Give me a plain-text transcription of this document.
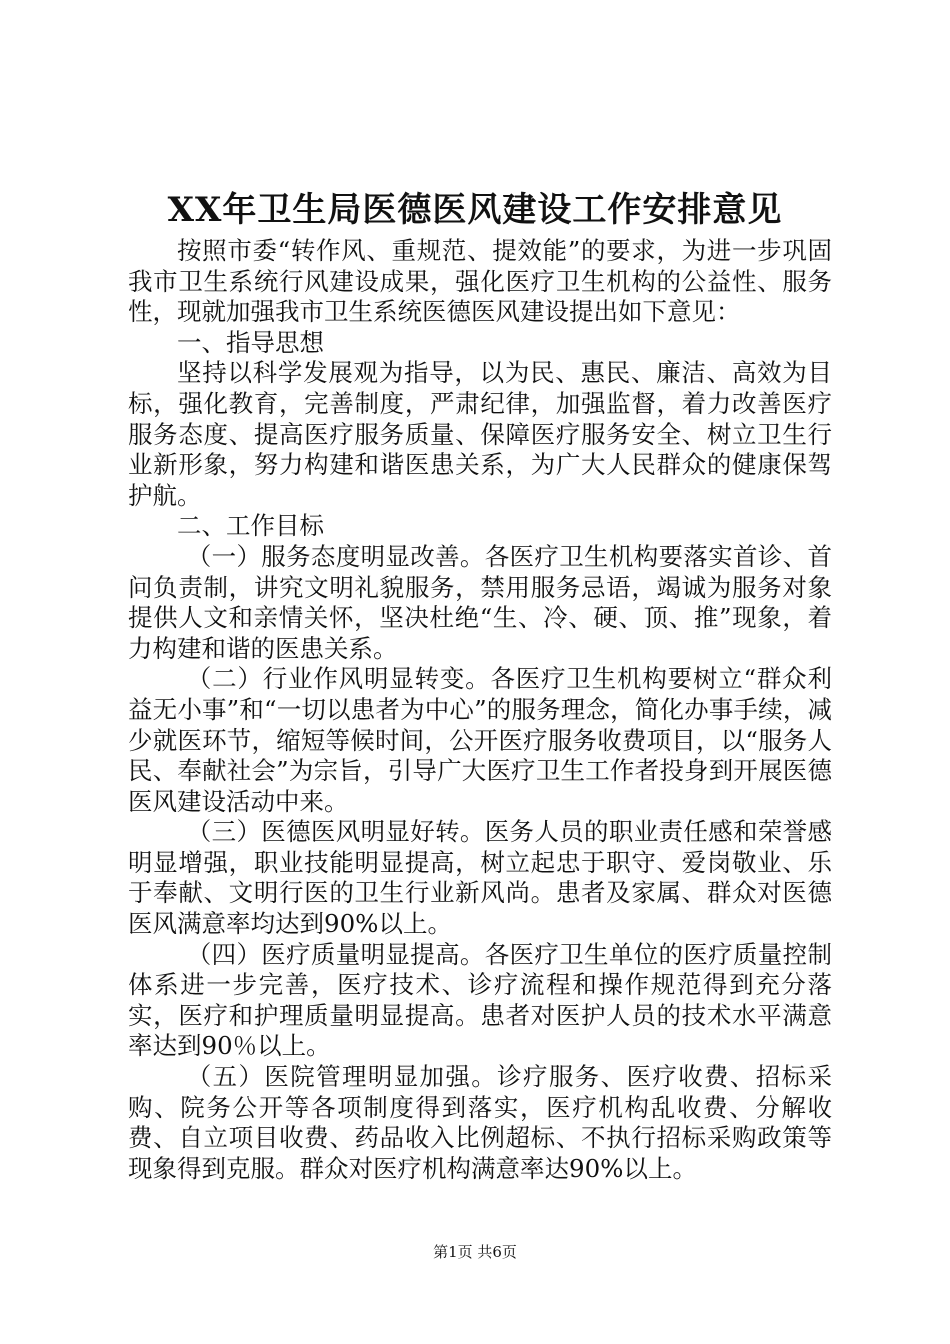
XX年卫生局医德医风建设工作安排意见

按照市委“转作风、重规范、提效能”的要求，为进一步巩固我市卫生系统行风建设成果，强化医疗卫生机构的公益性、服务性，现就加强我市卫生系统医德医风建设提出如下意见：

一、指导思想

坚持以科学发展观为指导，以为民、惠民、廉洁、高效为目标，强化教育，完善制度，严肃纪律，加强监督，着力改善医疗服务态度、提高医疗服务质量、保障医疗服务安全、树立卫生行业新形象，努力构建和谐医患关系，为广大人民群众的健康保驾护航。

二、工作目标

（一）服务态度明显改善。各医疗卫生机构要落实首诊、首问负责制，讲究文明礼貌服务，禁用服务忌语，竭诚为服务对象提供人文和亲情关怀，坚决杜绝“生、冷、硬、顶、推”现象，着力构建和谐的医患关系。

（二）行业作风明显转变。各医疗卫生机构要树立“群众利益无小事”和“一切以患者为中心”的服务理念，简化办事手续，减少就医环节，缩短等候时间，公开医疗服务收费项目，以“服务人民、奉献社会”为宗旨，引导广大医疗卫生工作者投身到开展医德医风建设活动中来。

（三）医德医风明显好转。医务人员的职业责任感和荣誉感明显增强，职业技能明显提高，树立起忠于职守、爱岗敬业、乐于奉献、文明行医的卫生行业新风尚。患者及家属、群众对医德医风满意率均达到90%以上。

（四）医疗质量明显提高。各医疗卫生单位的医疗质量控制体系进一步完善，医疗技术、诊疗流程和操作规范得到充分落实，医疗和护理质量明显提高。患者对医护人员的技术水平满意率达到90％以上。

（五）医院管理明显加强。诊疗服务、医疗收费、招标采购、院务公开等各项制度得到落实，医疗机构乱收费、分解收费、自立项目收费、药品收入比例超标、不执行招标采购政策等现象得到克服。群众对医疗机构满意率达90%以上。

第1页 共6页
